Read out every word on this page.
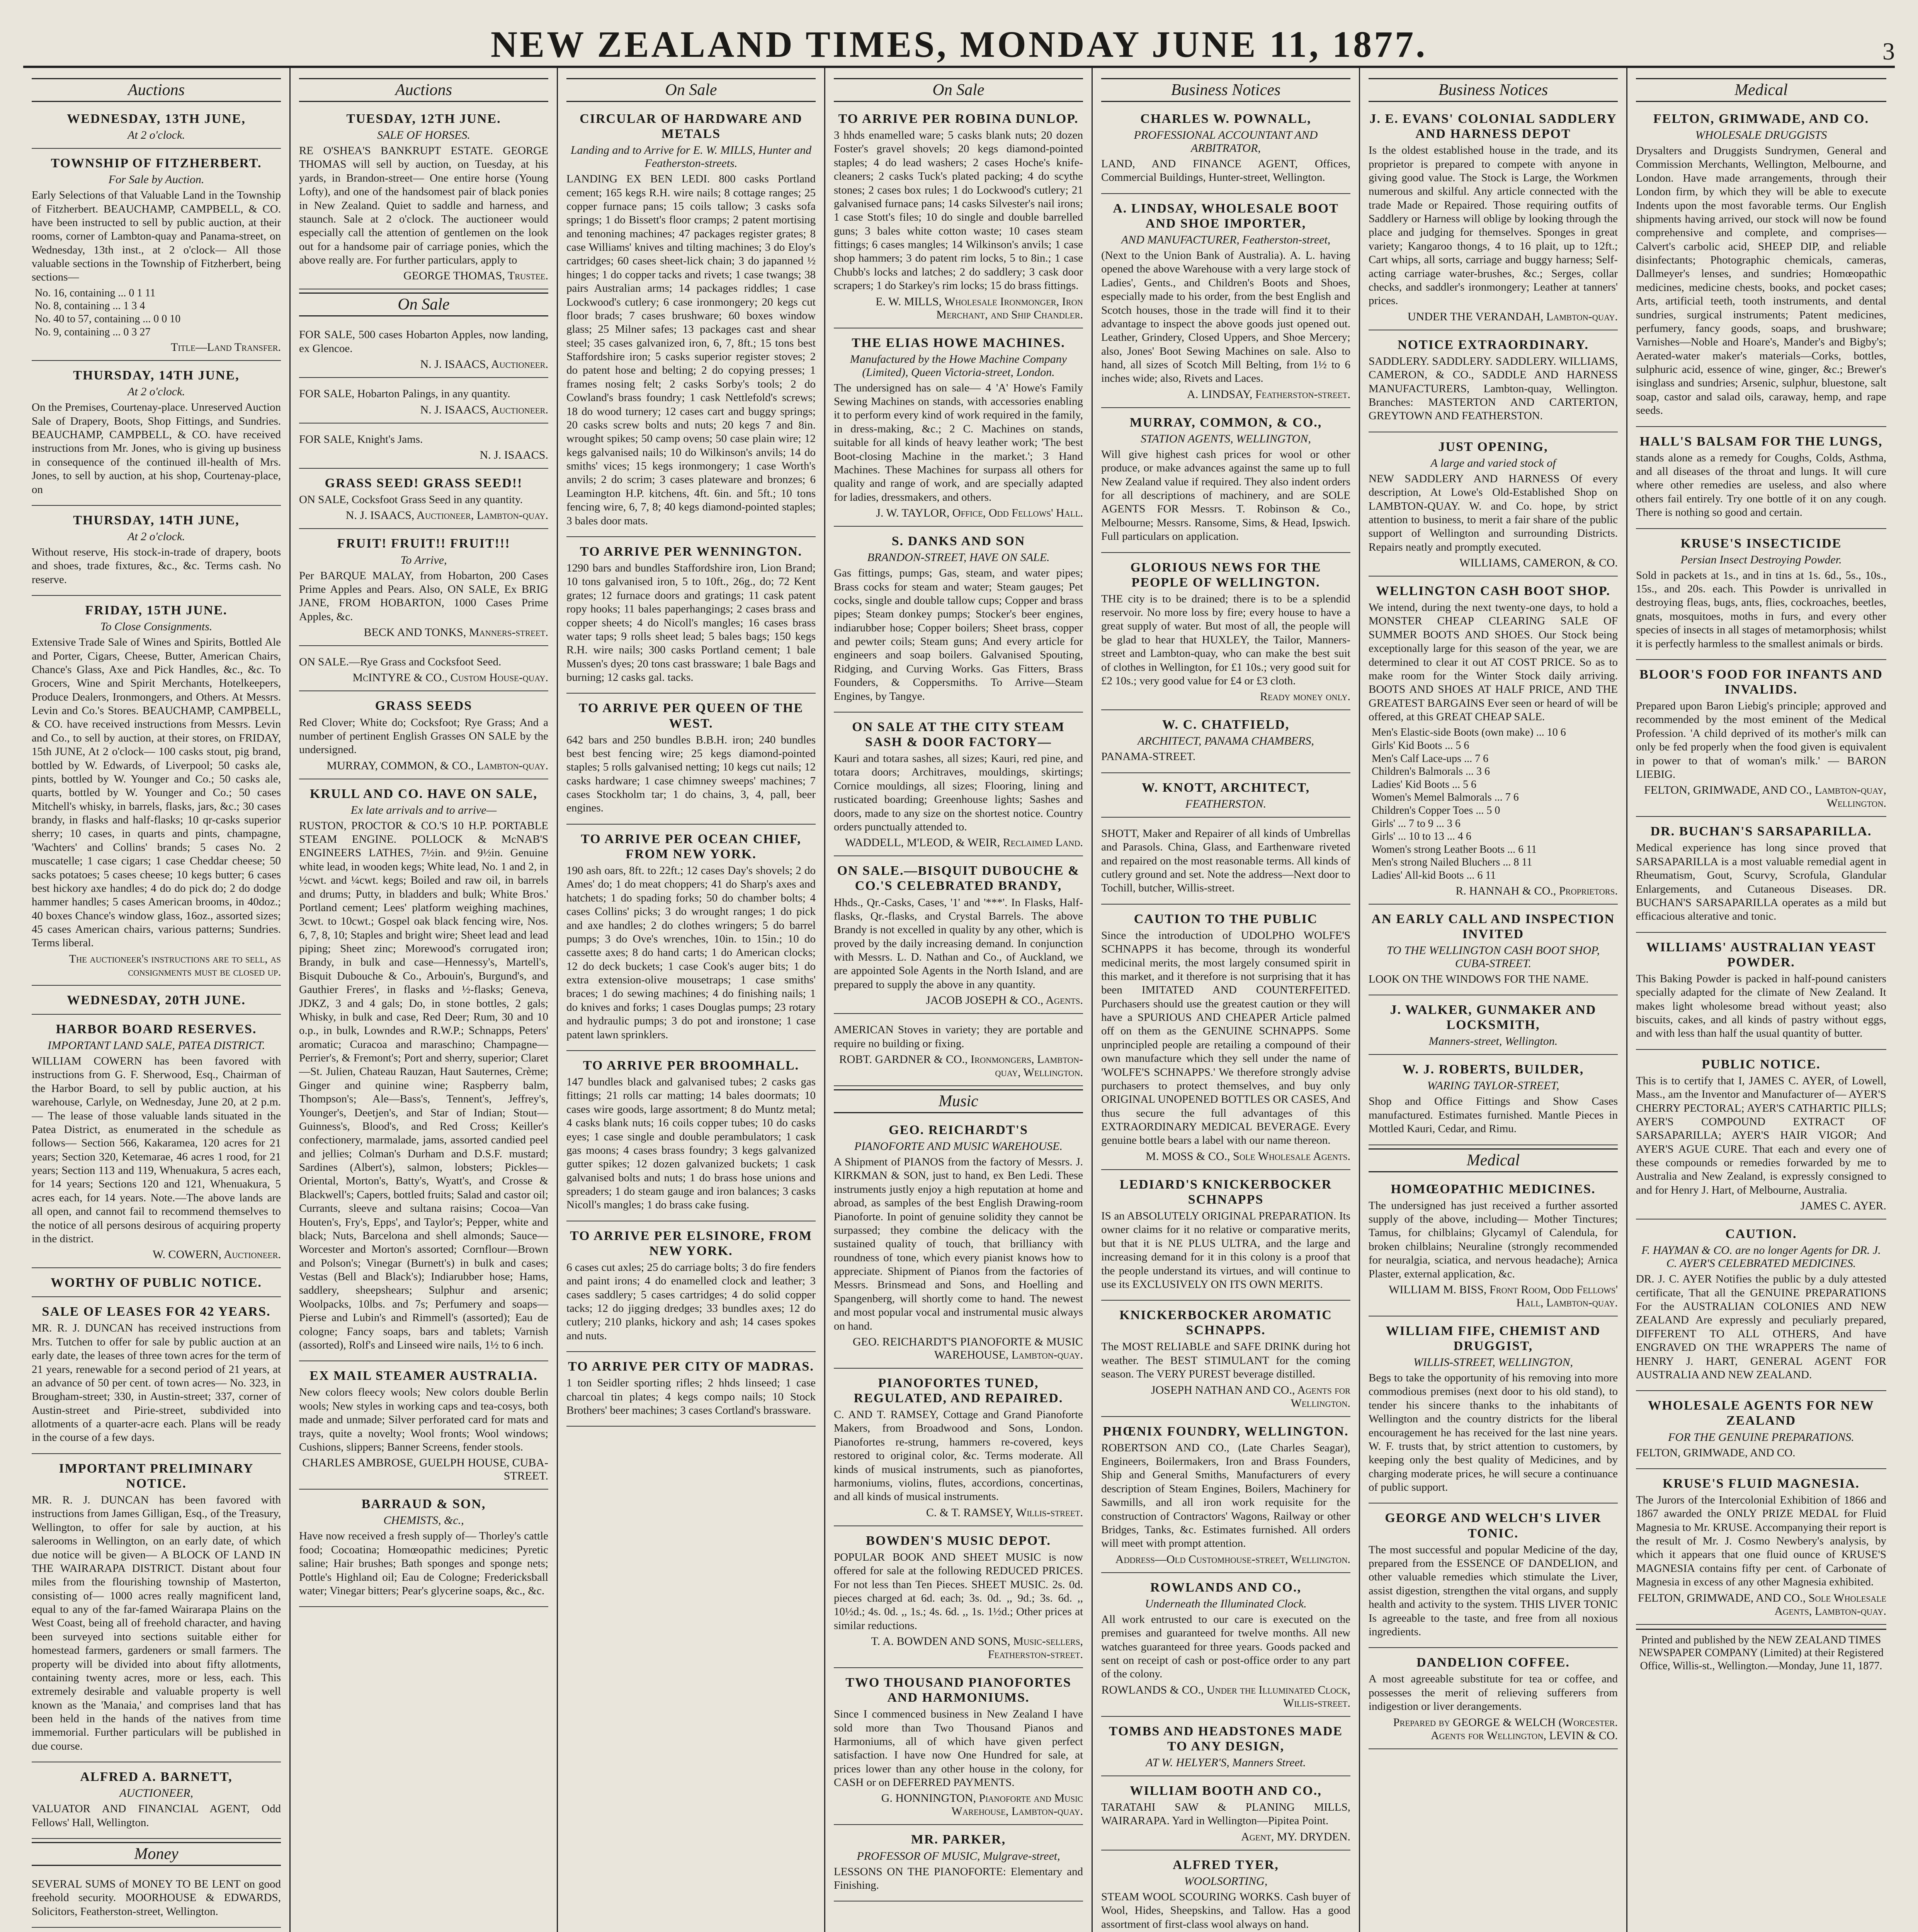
NEW ZEALAND TIMES, MONDAY JUNE 11, 1877.	3
Auctions
WEDNESDAY, 13TH JUNE,
At 2 o'clock.
TOWNSHIP OF FITZHERBERT.
For Sale by Auction.
Early Selections of that Valuable Land in the Township of Fitzherbert. BEAUCHAMP, CAMPBELL, & CO. have been instructed to sell by public auction, at their rooms, corner of Lambton-quay and Panama-street, on Wednesday, 13th inst., at 2 o'clock— All those valuable sections in the Township of Fitzherbert, being sections—
No. 16, containing ... 0 1 11
No. 8, containing ... 1 3 4
No. 40 to 57, containing ... 0 0 10
No. 9, containing ... 0 3 27
Title—Land Transfer.
THURSDAY, 14TH JUNE,
At 2 o'clock.
On the Premises, Courtenay-place. Unreserved Auction Sale of Drapery, Boots, Shop Fittings, and Sundries. BEAUCHAMP, CAMPBELL, & CO. have received instructions from Mr. Jones, who is giving up business in consequence of the continued ill-health of Mrs. Jones, to sell by auction, at his shop, Courtenay-place, on
THURSDAY, 14TH JUNE,
At 2 o'clock.
Without reserve, His stock-in-trade of drapery, boots and shoes, trade fixtures, &c., &c. Terms cash. No reserve.
FRIDAY, 15TH JUNE.
To Close Consignments.
Extensive Trade Sale of Wines and Spirits, Bottled Ale and Porter, Cigars, Cheese, Butter, American Chairs, Chance's Glass, Axe and Pick Handles, &c., &c. To Grocers, Wine and Spirit Merchants, Hotelkeepers, Produce Dealers, Ironmongers, and Others. At Messrs. Levin and Co.'s Stores. BEAUCHAMP, CAMPBELL, & CO. have received instructions from Messrs. Levin and Co., to sell by auction, at their stores, on FRIDAY, 15th JUNE, At 2 o'clock— 100 casks stout, pig brand, bottled by W. Edwards, of Liverpool; 50 casks ale, pints, bottled by W. Younger and Co.; 50 casks ale, quarts, bottled by W. Younger and Co.; 50 cases Mitchell's whisky, in barrels, flasks, jars, &c.; 30 cases brandy, in flasks and half-flasks; 10 qr-casks superior sherry; 10 cases, in quarts and pints, champagne, 'Wachters' and Collins' brands; 5 cases No. 2 muscatelle; 1 case cigars; 1 case Cheddar cheese; 50 sacks potatoes; 5 cases cheese; 10 kegs butter; 6 cases best hickory axe handles; 4 do do pick do; 2 do dodge hammer handles; 5 cases American brooms, in 40doz.; 40 boxes Chance's window glass, 16oz., assorted sizes; 45 cases American chairs, various patterns; Sundries. Terms liberal.
The auctioneer's instructions are to sell, as consignments must be closed up.
WEDNESDAY, 20TH JUNE.
HARBOR BOARD RESERVES.
IMPORTANT LAND SALE, PATEA DISTRICT.
WILLIAM COWERN has been favored with instructions from G. F. Sherwood, Esq., Chairman of the Harbor Board, to sell by public auction, at his warehouse, Carlyle, on Wednesday, June 20, at 2 p.m.— The lease of those valuable lands situated in the Patea District, as enumerated in the schedule as follows— Section 566, Kakaramea, 120 acres for 21 years; Section 320, Ketemarae, 46 acres 1 rood, for 21 years; Section 113 and 119, Whenuakura, 5 acres each, for 14 years; Sections 120 and 121, Whenuakura, 5 acres each, for 14 years. Note.—The above lands are all open, and cannot fail to recommend themselves to the notice of all persons desirous of acquiring property in the district.
W. COWERN, Auctioneer.
WORTHY OF PUBLIC NOTICE.
SALE OF LEASES FOR 42 YEARS.
MR. R. J. DUNCAN has received instructions from Mrs. Tutchen to offer for sale by public auction at an early date, the leases of three town acres for the term of 21 years, renewable for a second period of 21 years, at an advance of 50 per cent. of town acres— No. 323, in Brougham-street; 330, in Austin-street; 337, corner of Austin-street and Pirie-street, subdivided into allotments of a quarter-acre each. Plans will be ready in the course of a few days.
IMPORTANT PRELIMINARY NOTICE.
MR. R. J. DUNCAN has been favored with instructions from James Gilligan, Esq., of the Treasury, Wellington, to offer for sale by auction, at his salerooms in Wellington, on an early date, of which due notice will be given— A BLOCK OF LAND IN THE WAIRARAPA DISTRICT. Distant about four miles from the flourishing township of Masterton, consisting of— 1000 acres really magnificent land, equal to any of the far-famed Wairarapa Plains on the West Coast, being all of freehold character, and having been surveyed into sections suitable either for homestead farmers, gardeners or small farmers. The property will be divided into about fifty allotments, containing twenty acres, more or less, each. This extremely desirable and valuable property is well known as the 'Manaia,' and comprises land that has been held in the hands of the natives from time immemorial. Further particulars will be published in due course.
ALFRED A. BARNETT,
AUCTIONEER,
VALUATOR AND FINANCIAL AGENT, Odd Fellows' Hall, Wellington.
Money
SEVERAL SUMS of MONEY TO BE LENT on good freehold security. MOORHOUSE & EDWARDS, Solicitors, Featherston-street, Wellington.
Auctions
TUESDAY, 12TH JUNE.
SALE OF HORSES.
RE O'SHEA'S BANKRUPT ESTATE. GEORGE THOMAS will sell by auction, on Tuesday, at his yards, in Brandon-street— One entire horse (Young Lofty), and one of the handsomest pair of black ponies in New Zealand. Quiet to saddle and harness, and staunch. Sale at 2 o'clock. The auctioneer would especially call the attention of gentlemen on the look out for a handsome pair of carriage ponies, which the above really are. For further particulars, apply to
GEORGE THOMAS, Trustee.
On Sale
FOR SALE, 500 cases Hobarton Apples, now landing, ex Glencoe.
N. J. ISAACS, Auctioneer.
FOR SALE, Hobarton Palings, in any quantity.
N. J. ISAACS, Auctioneer.
FOR SALE, Knight's Jams.
N. J. ISAACS.
GRASS SEED! GRASS SEED!!
ON SALE, Cocksfoot Grass Seed in any quantity.
N. J. ISAACS, Auctioneer, Lambton-quay.
FRUIT! FRUIT!! FRUIT!!!
To Arrive,
Per BARQUE MALAY, from Hobarton, 200 Cases Prime Apples and Pears. Also, ON SALE, Ex BRIG JANE, FROM HOBARTON, 1000 Cases Prime Apples, &c.
BECK AND TONKS, Manners-street.
ON SALE.—Rye Grass and Cocksfoot Seed.
McINTYRE & CO., Custom House-quay.
GRASS SEEDS
Red Clover; White do; Cocksfoot; Rye Grass; And a number of pertinent English Grasses ON SALE by the undersigned.
MURRAY, COMMON, & CO., Lambton-quay.
KRULL AND CO. HAVE ON SALE,
Ex late arrivals and to arrive—
RUSTON, PROCTOR & CO.'S 10 H.P. PORTABLE STEAM ENGINE. POLLOCK & McNAB'S ENGINEERS LATHES, 7½in. and 9½in. Genuine white lead, in wooden kegs; White lead, No. 1 and 2, in ½cwt. and ¼cwt. kegs; Boiled and raw oil, in barrels and drums; Putty, in bladders and bulk; White Bros.' Portland cement; Lees' platform weighing machines, 3cwt. to 10cwt.; Gospel oak black fencing wire, Nos. 6, 7, 8, 10; Staples and bright wire; Sheet lead and lead piping; Sheet zinc; Morewood's corrugated iron; Brandy, in bulk and case—Hennessy's, Martell's, Bisquit Dubouche & Co., Arbouin's, Burgund's, and Gauthier Freres', in flasks and ½-flasks; Geneva, JDKZ, 3 and 4 gals; Do, in stone bottles, 2 gals; Whisky, in bulk and case, Red Deer; Rum, 30 and 10 o.p., in bulk, Lowndes and R.W.P.; Schnapps, Peters' aromatic; Curacoa and maraschino; Champagne—Perrier's, & Fremont's; Port and sherry, superior; Claret—St. Julien, Chateau Rauzan, Haut Sauternes, Crème; Ginger and quinine wine; Raspberry balm, Thompson's; Ale—Bass's, Tennent's, Jeffrey's, Younger's, Deetjen's, and Star of Indian; Stout—Guinness's, Blood's, and Red Cross; Keiller's confectionery, marmalade, jams, assorted candied peel and jellies; Colman's Durham and D.S.F. mustard; Sardines (Albert's), salmon, lobsters; Pickles—Oriental, Morton's, Batty's, Wyatt's, and Crosse & Blackwell's; Capers, bottled fruits; Salad and castor oil; Currants, sleeve and sultana raisins; Cocoa—Van Houten's, Fry's, Epps', and Taylor's; Pepper, white and black; Nuts, Barcelona and shell almonds; Sauce—Worcester and Morton's assorted; Cornflour—Brown and Polson's; Vinegar (Burnett's) in bulk and cases; Vestas (Bell and Black's); Indiarubber hose; Hams, saddlery, sheepshears; Sulphur and arsenic; Woolpacks, 10lbs. and 7s; Perfumery and soaps—Pierse and Lubin's and Rimmell's (assorted); Eau de cologne; Fancy soaps, bars and tablets; Varnish (assorted), Rolf's and Linseed wire nails, 1½ to 6 inch.
EX MAIL STEAMER AUSTRALIA.
New colors fleecy wools; New colors double Berlin wools; New styles in working caps and tea-cosys, both made and unmade; Silver perforated card for mats and trays, quite a novelty; Wool fronts; Wool windows; Cushions, slippers; Banner Screens, fender stools.
CHARLES AMBROSE, GUELPH HOUSE, CUBA-STREET.
BARRAUD & SON,
CHEMISTS, &c.,
Have now received a fresh supply of— Thorley's cattle food; Cocoatina; Homœopathic medicines; Pyretic saline; Hair brushes; Bath sponges and sponge nets; Pottle's Highland oil; Eau de Cologne; Fredericksball water; Vinegar bitters; Pear's glycerine soaps, &c., &c.
On Sale
CIRCULAR OF HARDWARE AND METALS
Landing and to Arrive for E. W. MILLS, Hunter and Featherston-streets.
LANDING EX BEN LEDI. 800 casks Portland cement; 165 kegs R.H. wire nails; 8 cottage ranges; 25 copper furnace pans; 15 coils tallow; 3 casks sofa springs; 1 do Bissett's floor cramps; 2 patent mortising and tenoning machines; 47 packages register grates; 8 case Williams' knives and tilting machines; 3 do Eloy's cartridges; 60 cases sheet-lick chain; 3 do japanned ½ hinges; 1 do copper tacks and rivets; 1 case twangs; 38 pairs Australian arms; 14 packages riddles; 1 case Lockwood's cutlery; 6 case ironmongery; 20 kegs cut floor brads; 7 cases brushware; 60 boxes window glass; 25 Milner safes; 13 packages cast and shear steel; 35 cases galvanized iron, 6, 7, 8ft.; 15 tons best Staffordshire iron; 5 casks superior register stoves; 2 do patent hose and belting; 2 do copying presses; 1 frames nosing felt; 2 casks Sorby's tools; 2 do Cowland's brass foundry; 1 cask Nettlefold's screws; 18 do wood turnery; 12 cases cart and buggy springs; 20 casks screw bolts and nuts; 20 kegs 7 and 8in. wrought spikes; 50 camp ovens; 50 case plain wire; 12 kegs galvanised nails; 10 do Wilkinson's anvils; 14 do smiths' vices; 15 kegs ironmongery; 1 case Worth's anvils; 2 do scrim; 3 cases plateware and bronzes; 6 Leamington H.P. kitchens, 4ft. 6in. and 5ft.; 10 tons fencing wire, 6, 7, 8; 40 kegs diamond-pointed staples; 3 bales door mats.
TO ARRIVE PER WENNINGTON.
1290 bars and bundles Staffordshire iron, Lion Brand; 10 tons galvanised iron, 5 to 10ft., 26g., do; 72 Kent grates; 12 furnace doors and gratings; 11 cask patent ropy hooks; 11 bales paperhangings; 2 cases brass and copper sheets; 4 do Nicoll's mangles; 16 cases brass water taps; 9 rolls sheet lead; 5 bales bags; 150 kegs R.H. wire nails; 300 casks Portland cement; 1 bale Mussen's dyes; 20 tons cast brassware; 1 bale Bags and burning; 12 casks gal. tacks.
TO ARRIVE PER QUEEN OF THE WEST.
642 bars and 250 bundles B.B.H. iron; 240 bundles best best fencing wire; 25 kegs diamond-pointed staples; 5 rolls galvanised netting; 10 kegs cut nails; 12 casks hardware; 1 case chimney sweeps' machines; 7 cases Stockholm tar; 1 do chains, 3, 4, pall, beer engines.
TO ARRIVE PER OCEAN CHIEF, FROM NEW YORK.
190 ash oars, 8ft. to 22ft.; 12 cases Day's shovels; 2 do Ames' do; 1 do meat choppers; 41 do Sharp's axes and hatchets; 1 do spading forks; 50 do chamber bolts; 4 cases Collins' picks; 3 do wrought ranges; 1 do pick and axe handles; 2 do clothes wringers; 5 do barrel pumps; 3 do Ove's wrenches, 10in. to 15in.; 10 do cassette axes; 8 do hand carts; 1 do American clocks; 12 do deck buckets; 1 case Cook's auger bits; 1 do extra extension-olive mousetraps; 1 case smiths' braces; 1 do sewing machines; 4 do finishing nails; 1 do knives and forks; 1 cases Douglas pumps; 23 rotary and hydraulic pumps; 3 do pot and ironstone; 1 case patent lawn sprinklers.
TO ARRIVE PER BROOMHALL.
147 bundles black and galvanised tubes; 2 casks gas fittings; 21 rolls car matting; 14 bales doormats; 10 cases wire goods, large assortment; 8 do Muntz metal; 4 casks blank nuts; 16 coils copper tubes; 10 do casks eyes; 1 case single and double perambulators; 1 cask gas moons; 4 cases brass foundry; 3 kegs galvanized gutter spikes; 12 dozen galvanized buckets; 1 cask galvanised bolts and nuts; 1 do brass hose unions and spreaders; 1 do steam gauge and iron balances; 3 casks Nicoll's mangles; 1 do brass cake fusing.
TO ARRIVE PER ELSINORE, FROM NEW YORK.
6 cases cut axles; 25 do carriage bolts; 3 do fire fenders and paint irons; 4 do enamelled clock and leather; 3 cases saddlery; 5 cases cartridges; 4 do solid copper tacks; 12 do jigging dredges; 33 bundles axes; 12 do cutlery; 210 planks, hickory and ash; 14 cases spokes and nuts.
TO ARRIVE PER CITY OF MADRAS.
1 ton Seidler sporting rifles; 2 hhds linseed; 1 case charcoal tin plates; 4 kegs compo nails; 10 Stock Brothers' beer machines; 3 cases Cortland's brassware.
On Sale
TO ARRIVE PER ROBINA DUNLOP.
3 hhds enamelled ware; 5 casks blank nuts; 20 dozen Foster's gravel shovels; 20 kegs diamond-pointed staples; 4 do lead washers; 2 cases Hoche's knife-cleaners; 2 casks Tuck's plated packing; 4 do scythe stones; 2 cases box rules; 1 do Lockwood's cutlery; 21 galvanised furnace pans; 14 casks Silvester's nail irons; 1 case Stott's files; 10 do single and double barrelled guns; 3 bales white cotton waste; 10 cases steam fittings; 6 cases mangles; 14 Wilkinson's anvils; 1 case shop hammers; 3 do patent rim locks, 5 to 8in.; 1 case Chubb's locks and latches; 2 do saddlery; 3 cask door scrapers; 1 do Starkey's rim locks; 15 do brass fittings.
E. W. MILLS, Wholesale Ironmonger, Iron Merchant, and Ship Chandler.
THE ELIAS HOWE MACHINES.
Manufactured by the Howe Machine Company (Limited), Queen Victoria-street, London.
The undersigned has on sale— 4 'A' Howe's Family Sewing Machines on stands, with accessories enabling it to perform every kind of work required in the family, in dress-making, &c.; 2 C. Machines on stands, suitable for all kinds of heavy leather work; 'The best Boot-closing Machine in the market.'; 3 Hand Machines. These Machines for surpass all others for quality and range of work, and are specially adapted for ladies, dressmakers, and others.
J. W. TAYLOR, Office, Odd Fellows' Hall.
S. DANKS AND SON
BRANDON-STREET, HAVE ON SALE.
Gas fittings, pumps; Gas, steam, and water pipes; Brass cocks for steam and water; Steam gauges; Pet cocks, single and double tallow cups; Copper and brass pipes; Steam donkey pumps; Stocker's beer engines, indiarubber hose; Copper boilers; Sheet brass, copper and pewter coils; Steam guns; And every article for engineers and soap boilers. Galvanised Spouting, Ridging, and Curving Works. Gas Fitters, Brass Founders, & Coppersmiths. To Arrive—Steam Engines, by Tangye.
ON SALE AT THE CITY STEAM SASH & DOOR FACTORY—
Kauri and totara sashes, all sizes; Kauri, red pine, and totara doors; Architraves, mouldings, skirtings; Cornice mouldings, all sizes; Flooring, lining and rusticated boarding; Greenhouse lights; Sashes and doors, made to any size on the shortest notice. Country orders punctually attended to.
WADDELL, M'LEOD, & WEIR, Reclaimed Land.
ON SALE.—BISQUIT DUBOUCHE & CO.'S CELEBRATED BRANDY,
Hhds., Qr.-Casks, Cases, '1' and '***'. In Flasks, Half-flasks, Qr.-flasks, and Crystal Barrels. The above Brandy is not excelled in quality by any other, which is proved by the daily increasing demand. In conjunction with Messrs. L. D. Nathan and Co., of Auckland, we are appointed Sole Agents in the North Island, and are prepared to supply the above in any quantity.
JACOB JOSEPH & CO., Agents.
AMERICAN Stoves in variety; they are portable and require no building or fixing.
ROBT. GARDNER & CO., Ironmongers, Lambton-quay, Wellington.
Music
GEO. REICHARDT'S
PIANOFORTE AND MUSIC WAREHOUSE.
A Shipment of PIANOS from the factory of Messrs. J. KIRKMAN & SON, just to hand, ex Ben Ledi. These instruments justly enjoy a high reputation at home and abroad, as samples of the best English Drawing-room Pianoforte. In point of genuine solidity they cannot be surpassed; they combine the delicacy with the sustained quality of touch, that brilliancy with roundness of tone, which every pianist knows how to appreciate. Shipment of Pianos from the factories of Messrs. Brinsmead and Sons, and Hoelling and Spangenberg, will shortly come to hand. The newest and most popular vocal and instrumental music always on hand.
GEO. REICHARDT'S PIANOFORTE & MUSIC WAREHOUSE, Lambton-quay.
PIANOFORTES TUNED, REGULATED, AND REPAIRED.
C. AND T. RAMSEY, Cottage and Grand Pianoforte Makers, from Broadwood and Sons, London. Pianofortes re-strung, hammers re-covered, keys restored to original color, &c. Terms moderate. All kinds of musical instruments, such as pianofortes, harmoniums, violins, flutes, accordions, concertinas, and all kinds of musical instruments.
C. & T. RAMSEY, Willis-street.
BOWDEN'S MUSIC DEPOT.
POPULAR BOOK AND SHEET MUSIC is now offered for sale at the following REDUCED PRICES. For not less than Ten Pieces. SHEET MUSIC. 2s. 0d. pieces charged at 6d. each; 3s. 0d. ,, 9d.; 3s. 6d. ,, 10½d.; 4s. 0d. ,, 1s.; 4s. 6d. ,, 1s. 1½d.; Other prices at similar reductions.
T. A. BOWDEN AND SONS, Music-sellers, Featherston-street.
TWO THOUSAND PIANOFORTES AND HARMONIUMS.
Since I commenced business in New Zealand I have sold more than Two Thousand Pianos and Harmoniums, all of which have given perfect satisfaction. I have now One Hundred for sale, at prices lower than any other house in the colony, for CASH or on DEFERRED PAYMENTS.
G. HONNINGTON, Pianoforte and Music Warehouse, Lambton-quay.
MR. PARKER,
PROFESSOR OF MUSIC, Mulgrave-street,
LESSONS ON THE PIANOFORTE: Elementary and Finishing.
Business Notices
CHARLES W. POWNALL,
PROFESSIONAL ACCOUNTANT AND ARBITRATOR,
LAND, AND FINANCE AGENT, Offices, Commercial Buildings, Hunter-street, Wellington.
A. LINDSAY, WHOLESALE BOOT AND SHOE IMPORTER,
AND MANUFACTURER, Featherston-street,
(Next to the Union Bank of Australia). A. L. having opened the above Warehouse with a very large stock of Ladies', Gents., and Children's Boots and Shoes, especially made to his order, from the best English and Scotch houses, those in the trade will find it to their advantage to inspect the above goods just opened out. Leather, Grindery, Closed Uppers, and Shoe Mercery; also, Jones' Boot Sewing Machines on sale. Also to hand, all sizes of Scotch Mill Belting, from 1½ to 6 inches wide; also, Rivets and Laces.
A. LINDSAY, Featherston-street.
MURRAY, COMMON, & CO.,
STATION AGENTS, WELLINGTON,
Will give highest cash prices for wool or other produce, or make advances against the same up to full New Zealand value if required. They also indent orders for all descriptions of machinery, and are SOLE AGENTS FOR Messrs. T. Robinson & Co., Melbourne; Messrs. Ransome, Sims, & Head, Ipswich. Full particulars on application.
GLORIOUS NEWS FOR THE PEOPLE OF WELLINGTON.
THE city is to be drained; there is to be a splendid reservoir. No more loss by fire; every house to have a great supply of water. But most of all, the people will be glad to hear that HUXLEY, the Tailor, Manners-street and Lambton-quay, who can make the best suit of clothes in Wellington, for £1 10s.; very good suit for £2 10s.; very good value for £4 or £3 cloth.
Ready money only.
W. C. CHATFIELD,
ARCHITECT, PANAMA CHAMBERS,
PANAMA-STREET.
W. KNOTT, ARCHITECT,
FEATHERSTON.
SHOTT, Maker and Repairer of all kinds of Umbrellas and Parasols. China, Glass, and Earthenware riveted and repaired on the most reasonable terms. All kinds of cutlery ground and set. Note the address—Next door to Tochill, butcher, Willis-street.
CAUTION TO THE PUBLIC
Since the introduction of UDOLPHO WOLFE'S SCHNAPPS it has become, through its wonderful medicinal merits, the most largely consumed spirit in this market, and it therefore is not surprising that it has been IMITATED AND COUNTERFEITED. Purchasers should use the greatest caution or they will have a SPURIOUS AND CHEAPER Article palmed off on them as the GENUINE SCHNAPPS. Some unprincipled people are retailing a compound of their own manufacture which they sell under the name of 'WOLFE'S SCHNAPPS.' We therefore strongly advise purchasers to protect themselves, and buy only ORIGINAL UNOPENED BOTTLES OR CASES, And thus secure the full advantages of this EXTRAORDINARY MEDICAL BEVERAGE. Every genuine bottle bears a label with our name thereon.
M. MOSS & CO., Sole Wholesale Agents.
LEDIARD'S KNICKERBOCKER SCHNAPPS
IS an ABSOLUTELY ORIGINAL PREPARATION. Its owner claims for it no relative or comparative merits, but that it is NE PLUS ULTRA, and the large and increasing demand for it in this colony is a proof that the people understand its virtues, and will continue to use its EXCLUSIVELY ON ITS OWN MERITS.
KNICKERBOCKER AROMATIC SCHNAPPS.
The MOST RELIABLE and SAFE DRINK during hot weather. The BEST STIMULANT for the coming season. The VERY PUREST beverage distilled.
JOSEPH NATHAN AND CO., Agents for Wellington.
PHŒNIX FOUNDRY, WELLINGTON.
ROBERTSON AND CO., (Late Charles Seagar), Engineers, Boilermakers, Iron and Brass Founders, Ship and General Smiths, Manufacturers of every description of Steam Engines, Boilers, Machinery for Sawmills, and all iron work requisite for the construction of Contractors' Wagons, Railway or other Bridges, Tanks, &c. Estimates furnished. All orders will meet with prompt attention.
Address—Old Customhouse-street, Wellington.
ROWLANDS AND CO.,
Underneath the Illuminated Clock.
All work entrusted to our care is executed on the premises and guaranteed for twelve months. All new watches guaranteed for three years. Goods packed and sent on receipt of cash or post-office order to any part of the colony.
ROWLANDS & CO., Under the Illuminated Clock, Willis-street.
TOMBS AND HEADSTONES MADE TO ANY DESIGN,
AT W. HELYER'S, Manners Street.
WILLIAM BOOTH AND CO.,
TARATAHI SAW & PLANING MILLS, WAIRARAPA. Yard in Wellington—Pipitea Point.
Agent, MY. DRYDEN.
ALFRED TYER,
WOOLSORTING,
STEAM WOOL SCOURING WORKS. Cash buyer of Wool, Hides, Sheepskins, and Tallow. Has a good assortment of first-class wool always on hand.
Business Notices
J. E. EVANS' COLONIAL SADDLERY AND HARNESS DEPOT
Is the oldest established house in the trade, and its proprietor is prepared to compete with anyone in giving good value. The Stock is Large, the Workmen numerous and skilful. Any article connected with the trade Made or Repaired. Those requiring outfits of Saddlery or Harness will oblige by looking through the place and judging for themselves. Sponges in great variety; Kangaroo thongs, 4 to 16 plait, up to 12ft.; Cart whips, all sorts, carriage and buggy harness; Self-acting carriage water-brushes, &c.; Serges, collar checks, and saddler's ironmongery; Leather at tanners' prices.
UNDER THE VERANDAH, Lambton-quay.
NOTICE EXTRAORDINARY.
SADDLERY. SADDLERY. SADDLERY. WILLIAMS, CAMERON, & CO., SADDLE AND HARNESS MANUFACTURERS, Lambton-quay, Wellington. Branches: MASTERTON AND CARTERTON, GREYTOWN AND FEATHERSTON.
JUST OPENING,
A large and varied stock of
NEW SADDLERY AND HARNESS Of every description, At Lowe's Old-Established Shop on LAMBTON-QUAY. W. and Co. hope, by strict attention to business, to merit a fair share of the public support of Wellington and surrounding Districts. Repairs neatly and promptly executed.
WILLIAMS, CAMERON, & CO.
WELLINGTON CASH BOOT SHOP.
We intend, during the next twenty-one days, to hold a MONSTER CHEAP CLEARING SALE OF SUMMER BOOTS AND SHOES. Our Stock being exceptionally large for this season of the year, we are determined to clear it out AT COST PRICE. So as to make room for the Winter Stock daily arriving. BOOTS AND SHOES AT HALF PRICE, AND THE GREATEST BARGAINS Ever seen or heard of will be offered, at this GREAT CHEAP SALE.
Men's Elastic-side Boots (own make) ... 10 6
Girls' Kid Boots ... 5 6
Men's Calf Lace-ups ... 7 6
Children's Balmorals ... 3 6
Ladies' Kid Boots ... 5 6
Women's Memel Balmorals ... 7 6
Children's Copper Toes ... 5 0
Girls' ... 7 to 9 ... 3 6
Girls' ... 10 to 13 ... 4 6
Women's strong Leather Boots ... 6 11
Men's strong Nailed Bluchers ... 8 11
Ladies' All-kid Boots ... 6 11
R. HANNAH & CO., Proprietors.
AN EARLY CALL AND INSPECTION INVITED
TO THE WELLINGTON CASH BOOT SHOP, CUBA-STREET.
LOOK ON THE WINDOWS FOR THE NAME.
J. WALKER, GUNMAKER AND LOCKSMITH,
Manners-street, Wellington.
W. J. ROBERTS, BUILDER,
WARING TAYLOR-STREET,
Shop and Office Fittings and Show Cases manufactured. Estimates furnished. Mantle Pieces in Mottled Kauri, Cedar, and Rimu.
Medical
HOMŒOPATHIC MEDICINES.
The undersigned has just received a further assorted supply of the above, including— Mother Tinctures; Tamus, for chilblains; Glycamyl of Calendula, for broken chilblains; Neuraline (strongly recommended for neuralgia, sciatica, and nervous headache); Arnica Plaster, external application, &c.
WILLIAM M. BISS, Front Room, Odd Fellows' Hall, Lambton-quay.
WILLIAM FIFE, CHEMIST AND DRUGGIST,
WILLIS-STREET, WELLINGTON,
Begs to take the opportunity of his removing into more commodious premises (next door to his old stand), to tender his sincere thanks to the inhabitants of Wellington and the country districts for the liberal encouragement he has received for the last nine years. W. F. trusts that, by strict attention to customers, by keeping only the best quality of Medicines, and by charging moderate prices, he will secure a continuance of public support.
GEORGE AND WELCH'S LIVER TONIC.
The most successful and popular Medicine of the day, prepared from the ESSENCE OF DANDELION, and other valuable remedies which stimulate the Liver, assist digestion, strengthen the vital organs, and supply health and activity to the system. THIS LIVER TONIC Is agreeable to the taste, and free from all noxious ingredients.
DANDELION COFFEE.
A most agreeable substitute for tea or coffee, and possesses the merit of relieving sufferers from indigestion or liver derangements.
Prepared by GEORGE & WELCH (Worcester. Agents for Wellington, LEVIN & CO.
Medical
FELTON, GRIMWADE, AND CO.
WHOLESALE DRUGGISTS
Drysalters and Druggists Sundrymen, General and Commission Merchants, Wellington, Melbourne, and London. Have made arrangements, through their London firm, by which they will be able to execute Indents upon the most favorable terms. Our English shipments having arrived, our stock will now be found comprehensive and complete, and comprises— Calvert's carbolic acid, SHEEP DIP, and reliable disinfectants; Photographic chemicals, cameras, Dallmeyer's lenses, and sundries; Homœopathic medicines, medicine chests, books, and pocket cases; Arts, artificial teeth, tooth instruments, and dental sundries, surgical instruments; Patent medicines, perfumery, fancy goods, soaps, and brushware; Varnishes—Noble and Hoare's, Mander's and Bigby's; Aerated-water maker's materials—Corks, bottles, sulphuric acid, essence of wine, ginger, &c.; Brewer's isinglass and sundries; Arsenic, sulphur, bluestone, salt soap, castor and salad oils, caraway, hemp, and rape seeds.
HALL'S BALSAM FOR THE LUNGS,
stands alone as a remedy for Coughs, Colds, Asthma, and all diseases of the throat and lungs. It will cure where other remedies are useless, and also where others fail entirely. Try one bottle of it on any cough. There is nothing so good and certain.
KRUSE'S INSECTICIDE
Persian Insect Destroying Powder.
Sold in packets at 1s., and in tins at 1s. 6d., 5s., 10s., 15s., and 20s. each. This Powder is unrivalled in destroying fleas, bugs, ants, flies, cockroaches, beetles, gnats, mosquitoes, moths in furs, and every other species of insects in all stages of metamorphosis; whilst it is perfectly harmless to the smallest animals or birds.
BLOOR'S FOOD FOR INFANTS AND INVALIDS.
Prepared upon Baron Liebig's principle; approved and recommended by the most eminent of the Medical Profession. 'A child deprived of its mother's milk can only be fed properly when the food given is equivalent in power to that of woman's milk.' — BARON LIEBIG.
FELTON, GRIMWADE, AND CO., Lambton-quay, Wellington.
DR. BUCHAN'S SARSAPARILLA.
Medical experience has long since proved that SARSAPARILLA is a most valuable remedial agent in Rheumatism, Gout, Scurvy, Scrofula, Glandular Enlargements, and Cutaneous Diseases. DR. BUCHAN'S SARSAPARILLA operates as a mild but efficacious alterative and tonic.
WILLIAMS' AUSTRALIAN YEAST POWDER.
This Baking Powder is packed in half-pound canisters specially adapted for the climate of New Zealand. It makes light wholesome bread without yeast; also biscuits, cakes, and all kinds of pastry without eggs, and with less than half the usual quantity of butter.
PUBLIC NOTICE.
This is to certify that I, JAMES C. AYER, of Lowell, Mass., am the Inventor and Manufacturer of— AYER'S CHERRY PECTORAL; AYER'S CATHARTIC PILLS; AYER'S COMPOUND EXTRACT OF SARSAPARILLA; AYER'S HAIR VIGOR; And AYER'S AGUE CURE. That each and every one of these compounds or remedies forwarded by me to Australia and New Zealand, is expressly consigned to and for Henry J. Hart, of Melbourne, Australia.
JAMES C. AYER.
CAUTION.
F. HAYMAN & CO. are no longer Agents for DR. J. C. AYER'S CELEBRATED MEDICINES.
DR. J. C. AYER Notifies the public by a duly attested certificate, That all the GENUINE PREPARATIONS For the AUSTRALIAN COLONIES AND NEW ZEALAND Are expressly and peculiarly prepared, DIFFERENT TO ALL OTHERS, And have ENGRAVED ON THE WRAPPERS The name of HENRY J. HART, GENERAL AGENT FOR AUSTRALIA AND NEW ZEALAND.
WHOLESALE AGENTS FOR NEW ZEALAND
FOR THE GENUINE PREPARATIONS.
FELTON, GRIMWADE, AND CO.
KRUSE'S FLUID MAGNESIA.
The Jurors of the Intercolonial Exhibition of 1866 and 1867 awarded the ONLY PRIZE MEDAL for Fluid Magnesia to Mr. KRUSE. Accompanying their report is the result of Mr. J. Cosmo Newbery's analysis, by which it appears that one fluid ounce of KRUSE'S MAGNESIA contains fifty per cent. of Carbonate of Magnesia in excess of any other Magnesia exhibited.
FELTON, GRIMWADE, AND CO., Sole Wholesale Agents, Lambton-quay.
Printed and published by the NEW ZEALAND TIMES NEWSPAPER COMPANY (Limited) at their Registered Office, Willis-st., Wellington.—Monday, June 11, 1877.
